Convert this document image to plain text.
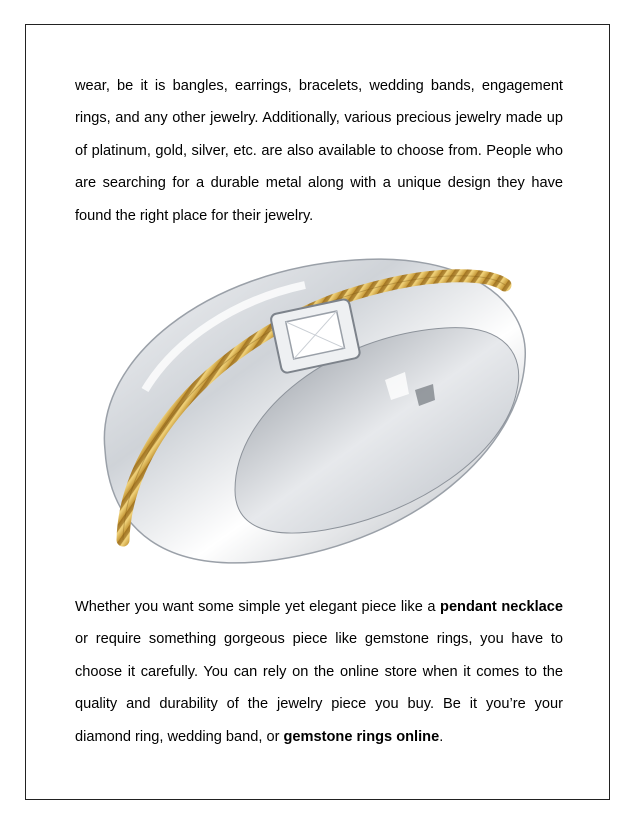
wear, be it is bangles, earrings, bracelets, wedding bands, engagement rings, and any other jewelry. Additionally, various precious jewelry made up of platinum, gold, silver, etc. are also available to choose from. People who are searching for a durable metal along with a unique design they have found the right place for their jewelry.

Whether you want some simple yet elegant piece like a pendant necklace or require something gorgeous piece like gemstone rings, you have to choose it carefully. You can rely on the online store when it comes to the quality and durability of the jewelry piece you buy. Be it you’re your diamond ring, wedding band, or gemstone rings online.
